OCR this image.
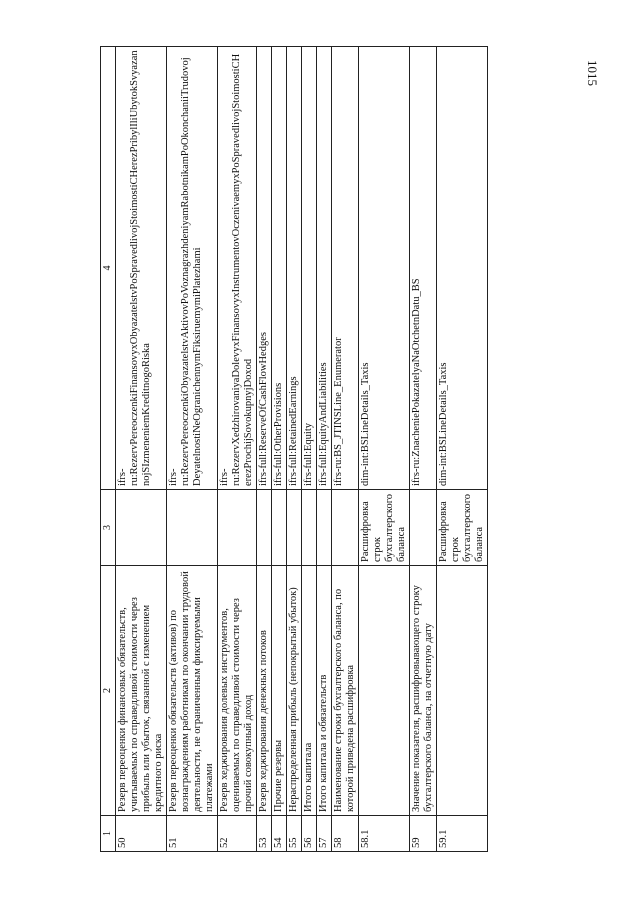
1015
1	2	3	4
50	Резерв переоценки финансовых обязательств, учитываемых по справедливой стоимости через прибыль или убыток, связанной с изменением кредитного риска		ifrs-ru:RezervPereoczenkiFinansovyxObyazatelstvPoSpravedlivojStoimostiCHerezPribylIliUbytokSvyazannojSIzmeneniemKreditnogoRiska
51	Резерв переоценки обязательств (активов) по вознаграждениям работникам по окончании трудовой деятельности, не ограниченным фиксируемыми платежами		ifrs-ru:RezervPereoczenkiObyazatelstvAktivovPoVoznagrazhdeniyamRabotnikamPoOkonchaniiTrudovojDeyatelnostiNeOgranichennymFiksiruemymiPlatezhami
52	Резерв хеджирования долевых инструментов, оцениваемых по справедливой стоимости через прочий совокупный доход		ifrs-ru:RezervXedzhirovaniyaDolevyxFinansovyxInstrumentovOczenivaemyxPoSpravedlivojStoimostiCHerezProchijSovokupnyjDoxod
53	Резерв хеджирования денежных потоков		ifrs-full:ReserveOfCashFlowHedges
54	Прочие резервы		ifrs-full:OtherProvisions
55	Нераспределенная прибыль (непокрытый убыток)		ifrs-full:RetainedEarnings
56	Итого капитала		ifrs-full:Equity
57	Итого капитала и обязательств		ifrs-full:EquityAndLiabilities
58	Наименование строки бухгалтерского баланса, по которой приведена расшифровка		ifrs-ru:BS_JTINSLine_Enumerator
58.1		Расшифровка строк бухгалтерского баланса	dim-int:BSLineDetails_Taxis
59	Значение показателя, расшифровывающего строку бухгалтерского баланса, на отчетную дату		ifrs-ru:ZnacheniePokazatelyaNaOtchetnDatu_BS
59.1		Расшифровка строк бухгалтерского баланса	dim-int:BSLineDetails_Taxis
